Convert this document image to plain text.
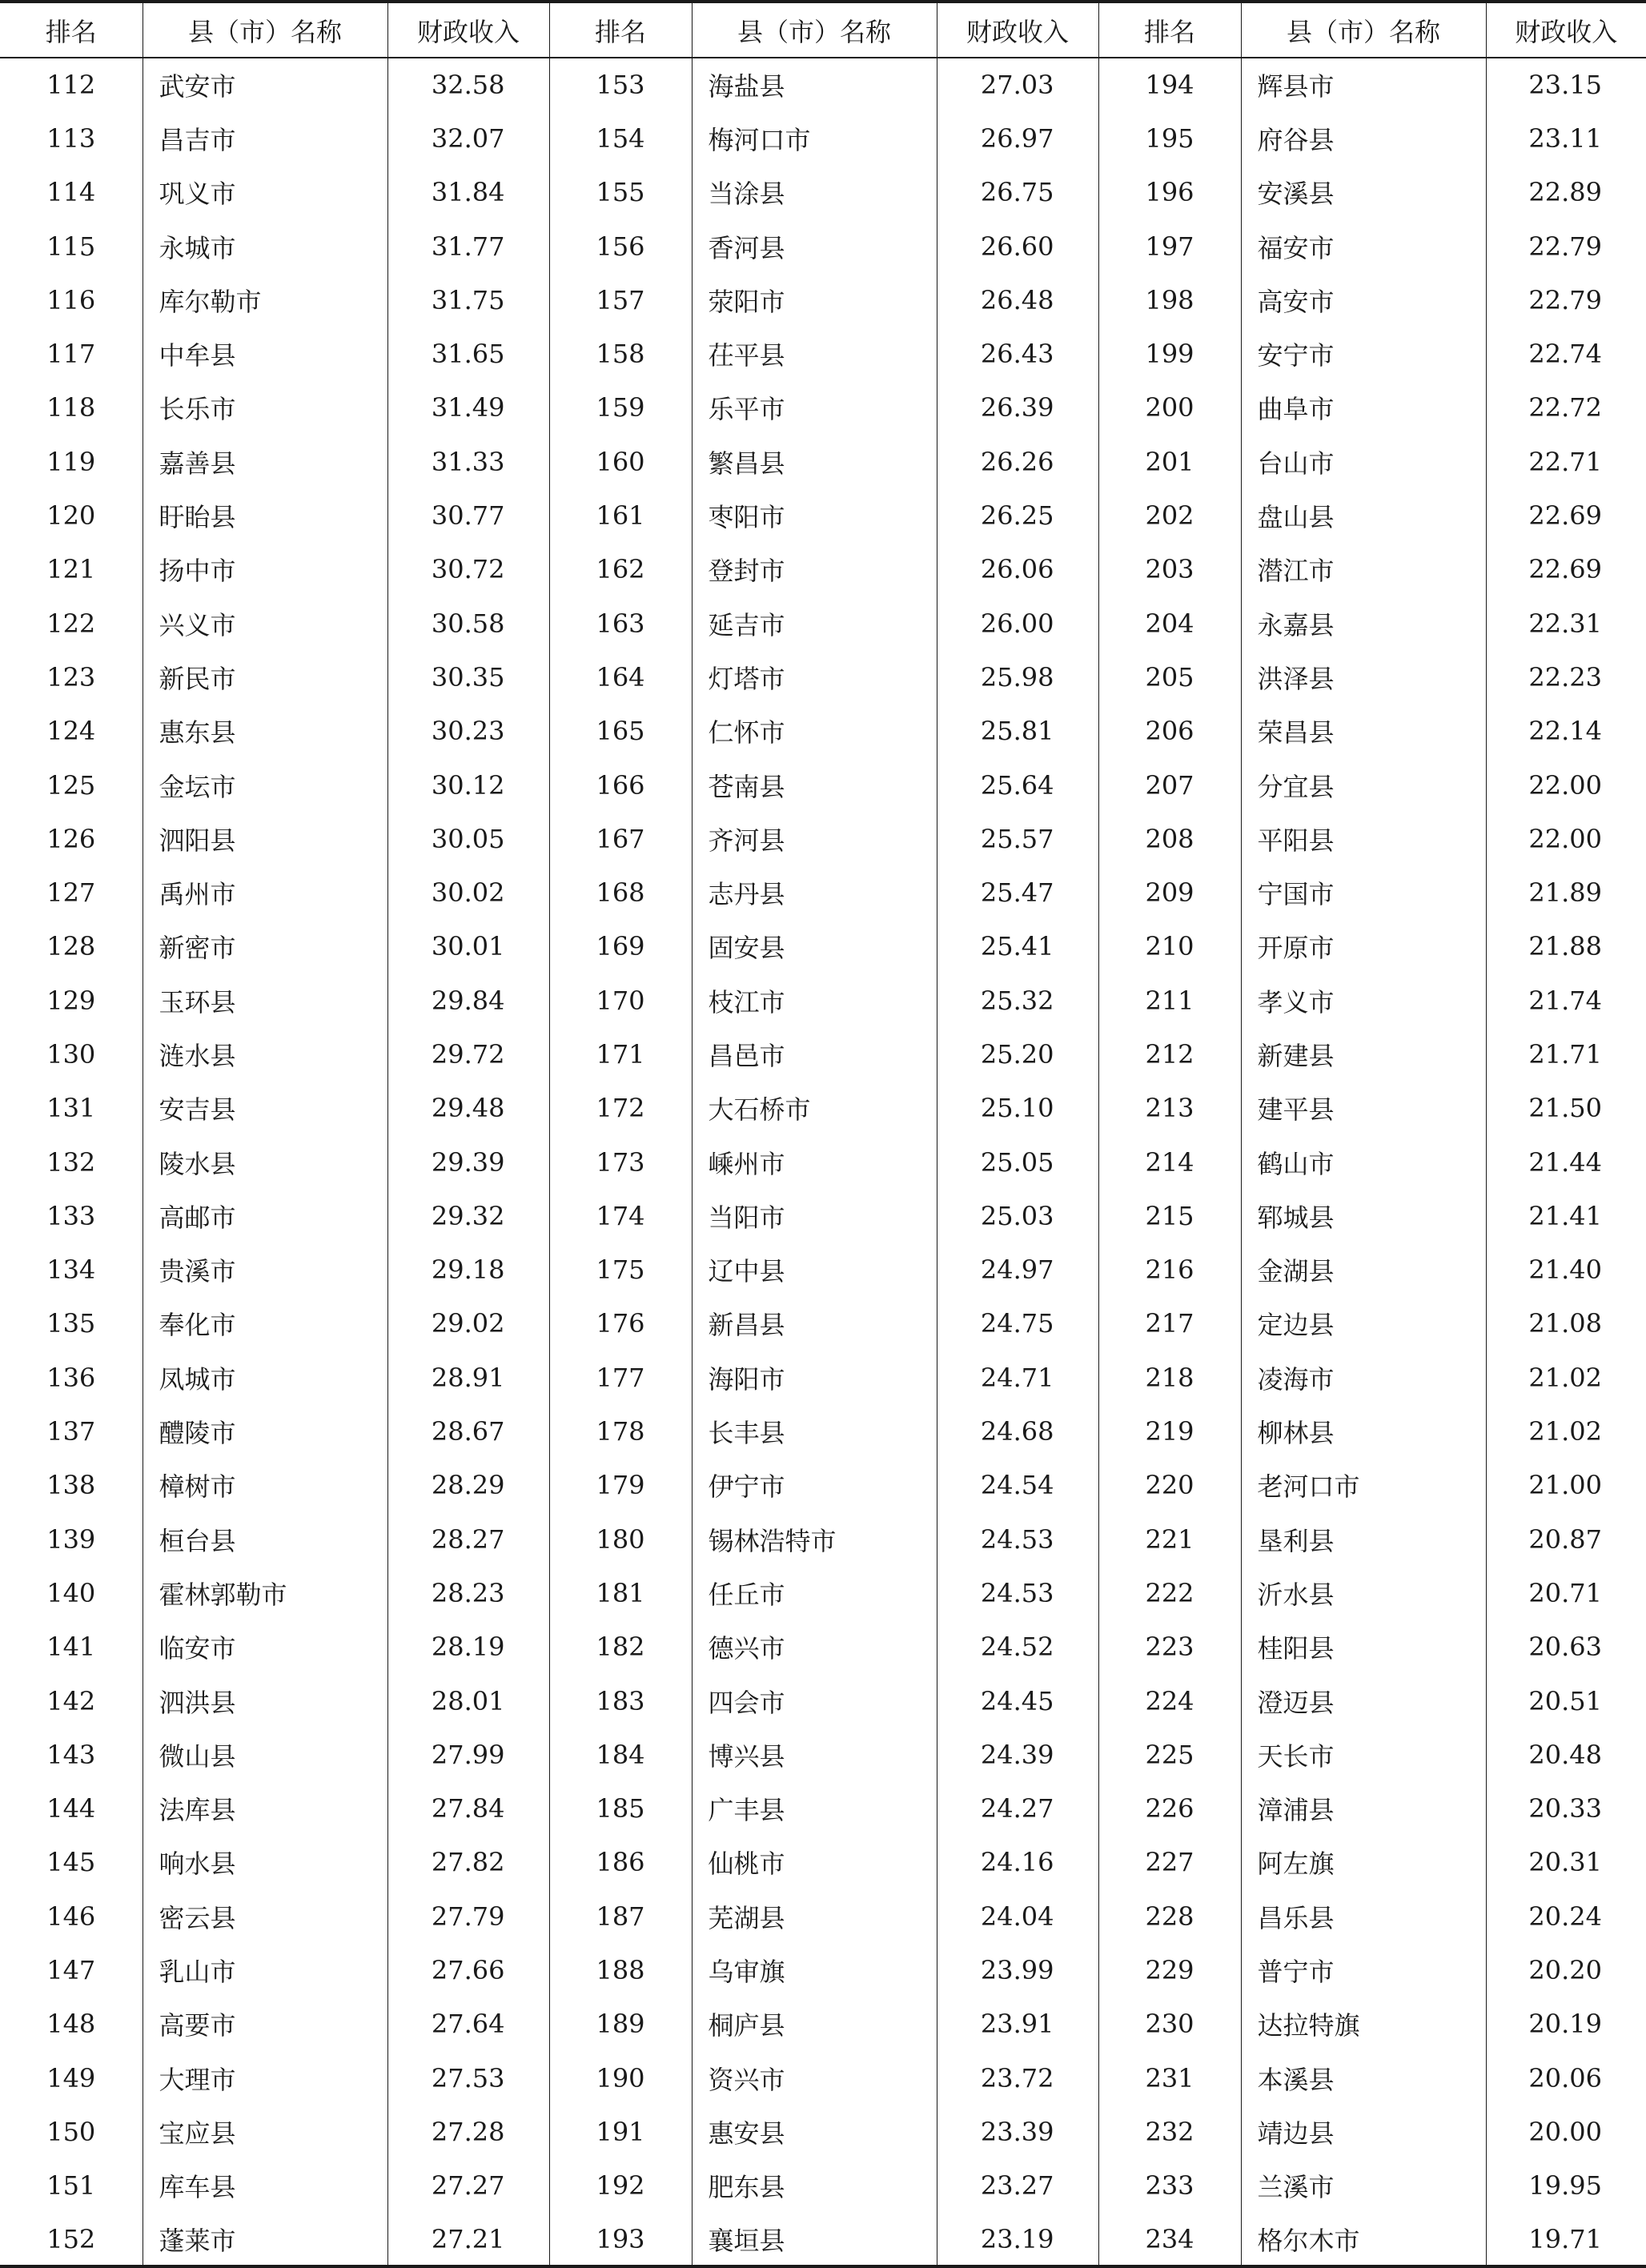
排名	县（市）名称	财政收入	排名	县（市）名称	财政收入	排名	县（市）名称	财政收入
112	武安市	32.58	153	海盐县	27.03	194	辉县市	23.15
113	昌吉市	32.07	154	梅河口市	26.97	195	府谷县	23.11
114	巩义市	31.84	155	当涂县	26.75	196	安溪县	22.89
115	永城市	31.77	156	香河县	26.60	197	福安市	22.79
116	库尔勒市	31.75	157	荥阳市	26.48	198	高安市	22.79
117	中牟县	31.65	158	茌平县	26.43	199	安宁市	22.74
118	长乐市	31.49	159	乐平市	26.39	200	曲阜市	22.72
119	嘉善县	31.33	160	繁昌县	26.26	201	台山市	22.71
120	盱眙县	30.77	161	枣阳市	26.25	202	盘山县	22.69
121	扬中市	30.72	162	登封市	26.06	203	潜江市	22.69
122	兴义市	30.58	163	延吉市	26.00	204	永嘉县	22.31
123	新民市	30.35	164	灯塔市	25.98	205	洪泽县	22.23
124	惠东县	30.23	165	仁怀市	25.81	206	荣昌县	22.14
125	金坛市	30.12	166	苍南县	25.64	207	分宜县	22.00
126	泗阳县	30.05	167	齐河县	25.57	208	平阳县	22.00
127	禹州市	30.02	168	志丹县	25.47	209	宁国市	21.89
128	新密市	30.01	169	固安县	25.41	210	开原市	21.88
129	玉环县	29.84	170	枝江市	25.32	211	孝义市	21.74
130	涟水县	29.72	171	昌邑市	25.20	212	新建县	21.71
131	安吉县	29.48	172	大石桥市	25.10	213	建平县	21.50
132	陵水县	29.39	173	嵊州市	25.05	214	鹤山市	21.44
133	高邮市	29.32	174	当阳市	25.03	215	郓城县	21.41
134	贵溪市	29.18	175	辽中县	24.97	216	金湖县	21.40
135	奉化市	29.02	176	新昌县	24.75	217	定边县	21.08
136	凤城市	28.91	177	海阳市	24.71	218	凌海市	21.02
137	醴陵市	28.67	178	长丰县	24.68	219	柳林县	21.02
138	樟树市	28.29	179	伊宁市	24.54	220	老河口市	21.00
139	桓台县	28.27	180	锡林浩特市	24.53	221	垦利县	20.87
140	霍林郭勒市	28.23	181	任丘市	24.53	222	沂水县	20.71
141	临安市	28.19	182	德兴市	24.52	223	桂阳县	20.63
142	泗洪县	28.01	183	四会市	24.45	224	澄迈县	20.51
143	微山县	27.99	184	博兴县	24.39	225	天长市	20.48
144	法库县	27.84	185	广丰县	24.27	226	漳浦县	20.33
145	响水县	27.82	186	仙桃市	24.16	227	阿左旗	20.31
146	密云县	27.79	187	芜湖县	24.04	228	昌乐县	20.24
147	乳山市	27.66	188	乌审旗	23.99	229	普宁市	20.20
148	高要市	27.64	189	桐庐县	23.91	230	达拉特旗	20.19
149	大理市	27.53	190	资兴市	23.72	231	本溪县	20.06
150	宝应县	27.28	191	惠安县	23.39	232	靖边县	20.00
151	库车县	27.27	192	肥东县	23.27	233	兰溪市	19.95
152	蓬莱市	27.21	193	襄垣县	23.19	234	格尔木市	19.71
